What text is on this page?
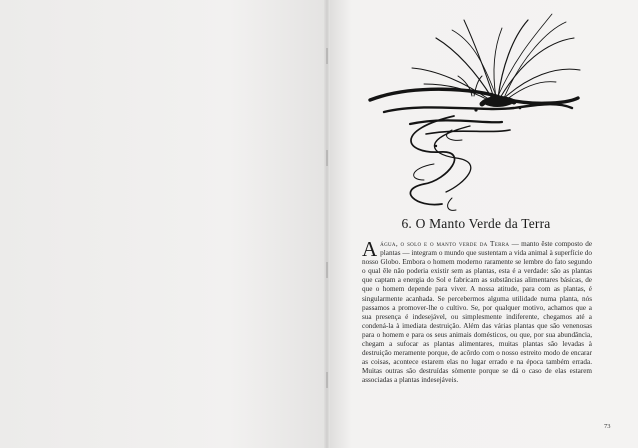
6. O Manto Verde da Terra
Aágua, o solo e o manto verde da Terra — manto êste composto de plantas — integram o mundo que sustentam a vida animal à superfície do nosso Globo. Embora o homem moderno raramente se lembre do fato segundo o qual êle não poderia existir sem as plantas, esta é a verdade: são as plantas que captam a energia do Sol e fabricam as substâncias alimentares básicas, de que o homem depende para viver. A nossa atitude, para com as plantas, é singularmente acanhada. Se percebermos alguma utilidade numa planta, nós passamos a promover-lhe o cultivo. Se, por qualquer motivo, achamos que a sua presença é indesejável, ou simplesmente indiferente, chegamos até a condená-la à imediata destruição. Além das várias plantas que são venenosas para o homem e para os seus animais domésticos, ou que, por sua abundância, chegam a sufocar as plantas alimentares, muitas plantas são levadas à destruição meramente porque, de acôrdo com o nosso estreito modo de encarar as coisas, acontece estarem elas no lugar errado e na época também errada. Muitas outras são destruídas sòmente porque se dá o caso de elas estarem associadas a plantas indesejáveis.
73
